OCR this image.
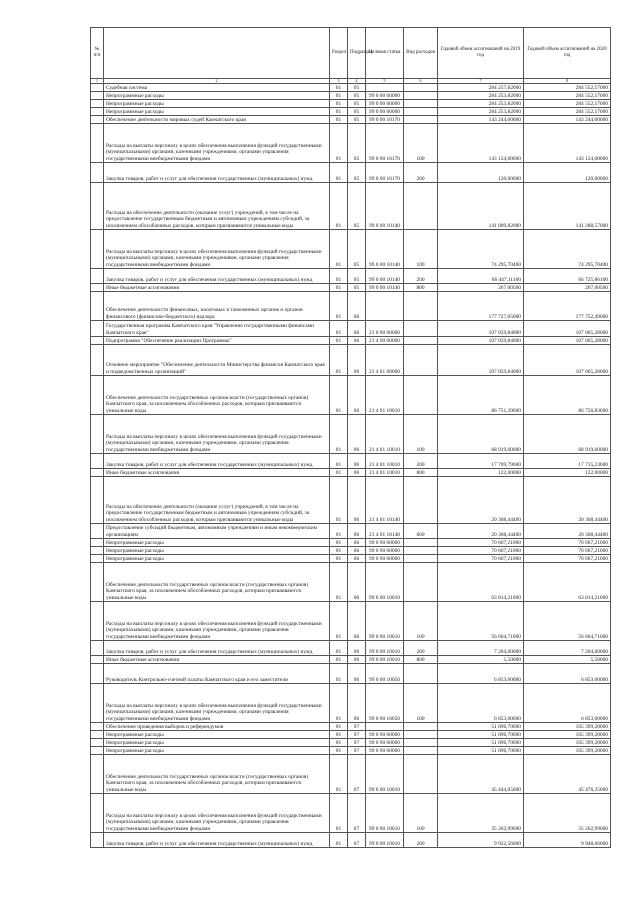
№ п/п		Раздел	Подраздел	Целевая статья	Вид расходов	Годовой объем ассигнований на 2019 год	Годовой объем ассигнований на 2020 год
1	2	3	4	5	6	7	8
	Судебная система	01	05			284 257,82000	284 552,57000
	Непрограммные расходы	01	05	99 0 00 00000		284 253,82000	284 552,57000
	Непрограммные расходы	01	05	99 0 00 00000		284 253,82000	284 552,57000
	Непрограммные расходы	01	05	99 0 00 00000		284 253,82000	284 552,57000
	Обеспечение деятельности мировых судей Камчатского края	01	05	99 0 00 10170		143 244,00000	143 244,00000
	Расходы на выплаты персоналу в целях обеспечения выполнения функций государственными (муниципальными) органами, казенными учреждениями, органами управления государственными внебюджетными фондами	01	05	99 0 00 10170	100	143 124,00000	143 124,00000
	Закупка товаров, работ и услуг для обеспечения государственных (муниципальных) нужд	01	05	99 0 00 10170	200	120,00000	120,00000
	Расходы на обеспечение деятельности (оказание услуг) учреждений, в том числе на предоставление государственным бюджетным и автономным учреждениям субсидий, за исключением обособленных расходов, которым присваиваются уникальные коды	01	05	99 0 00 10140		141 009,82000	141 288,57000
	Расходы на выплаты персоналу в целях обеспечения выполнения функций государственными (муниципальными) органами, казенными учреждениями, органами управления государственными внебюджетными фондами	01	05	99 0 00 10140	100	74 295,70400	74 295,70400
	Закупка товаров, работ и услуг для обеспечения государственных (муниципальных) нужд	01	05	99 0 00 10140	200	66 447,11100	66 725,86100
	Иные бюджетные ассигнования	01	05	99 0 00 10140	800	267,00500	267,00500
	Обеспечение деятельности финансовых, налоговых и таможенных органов и органов финансового (финансово-бюджетного) надзора	01	06			177 727,05000	177 752,49000
	Государственная программа Камчатского края "Управление государственными финансами Камчатского края"	01	06	21 0 00 00000		107 059,84000	107 065,28000
	Подпрограмма "Обеспечение реализации Программы"	01	06	21 4 00 00000		107 059,84000	107 065,28000
	Основное мероприятие "Обеспечение деятельности Министерства финансов Камчатского края и подведомственных организаций"	01	06	21 4 01 00000		107 059,84000	107 065,28000
	Обеспечение деятельности государственных органов власти (государственных органов) Камчатского края, за исключением обособленных расходов, которым присваиваются уникальные коды	01	06	21 4 01 10010		86 751,39600	86 756,83600
	Расходы на выплаты персоналу в целях обеспечения выполнения функций государственными (муниципальными) органами, казенными учреждениями, органами управления государственными внебюджетными фондами	01	06	21 4 01 10010	100	68 919,60000	68 919,60000
	Закупка товаров, работ и услуг для обеспечения государственных (муниципальных) нужд	01	06	21 4 01 10010	200	17 709,79600	17 715,23600
	Иные бюджетные ассигнования	01	06	21 4 01 10010	800	122,00000	122,00000
	Расходы на обеспечение деятельности (оказание услуг) учреждений, в том числе на предоставление государственным бюджетным и автономным учреждениям субсидий, за исключением обособленных расходов, которым присваиваются уникальные коды	01	06	21 4 01 10140		20 308,44400	20 308,44400
	Предоставление субсидий бюджетным, автономным учреждениям и иным некоммерческим организациям	01	06	21 4 01 10140	600	20 308,44400	20 308,44400
	Непрограммные расходы	01	06	99 0 00 00000		70 667,21000	70 667,21000
	Непрограммные расходы	01	06	99 0 00 00000		70 667,21000	70 667,21000
	Непрограммные расходы	01	06	99 0 00 00000		70 667,21000	70 667,21000
	Обеспечение деятельности государственных органов власти (государственных органов) Камчатского края, за исключением обособленных расходов, которым присваиваются уникальные коды	01	06	99 0 00 10010		63 814,21000	63 814,21000
	Расходы на выплаты персоналу в целях обеспечения выполнения функций государственными (муниципальными) органами, казенными учреждениями, органами управления государственными внебюджетными фондами	01	06	99 0 00 10010	100	56 604,71000	56 604,71000
	Закупка товаров, работ и услуг для обеспечения государственных (муниципальных) нужд	01	06	99 0 00 10010	200	7 204,00000	7 204,00000
	Иные бюджетные ассигнования	01	06	99 0 00 10010	800	5,50000	5,50000
	Руководитель Контрольно-счетной палаты Камчатского края и его заместители	01	06	99 0 00 10050		6 853,00000	6 853,00000
	Расходы на выплаты персоналу в целях обеспечения выполнения функций государственными (муниципальными) органами, казенными учреждениями, органами управления государственными внебюджетными фондами	01	06	99 0 00 10050	100	6 853,00000	6 853,00000
	Обеспечение проведения выборов и референдумов	01	07			51 896,70000	165 399,20000
	Непрограммные расходы	01	07	99 0 00 00000		51 896,70000	165 399,20000
	Непрограммные расходы	01	07	99 0 00 00000		51 896,70000	165 399,20000
	Непрограммные расходы	01	07	99 0 00 00000		51 896,70000	165 399,20000
	Обеспечение деятельности государственных органов власти (государственных органов) Камчатского края, за исключением обособленных расходов, которым присваиваются уникальные коды	01	07	99 0 00 10010		45 444,05000	45 476,35000
	Расходы на выплаты персоналу в целях обеспечения выполнения функций государственными (муниципальными) органами, казенными учреждениями, органами управления государственными внебюджетными фондами	01	07	99 0 00 10010	100	35 262,99000	35 262,99000
	Закупка товаров, работ и услуг для обеспечения государственных (муниципальных) нужд	01	07	99 0 00 10010	200	9 922,56000	9 948,66000
